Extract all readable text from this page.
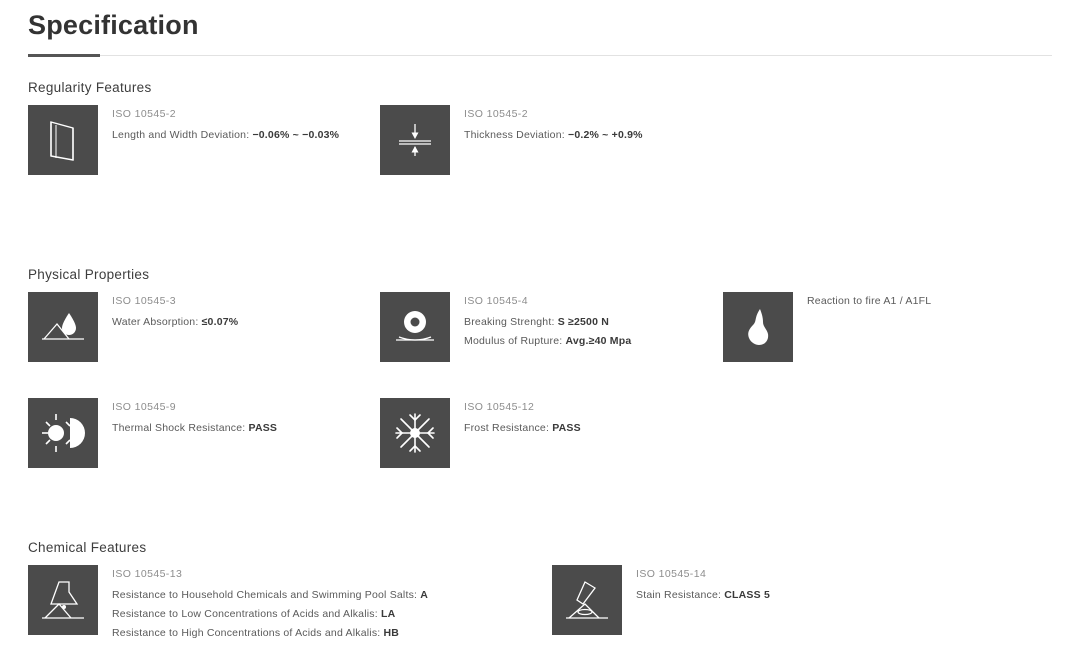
Specification
Regularity Features
ISO 10545-2
Length and Width Deviation: −0.06% ~ −0.03%
ISO 10545-2
Thickness Deviation: −0.2% ~ +0.9%
Physical Properties
ISO 10545-3
Water Absorption: ≤0.07%
ISO 10545-4
Breaking Strenght: S ≥2500 N
Modulus of Rupture: Avg.≥40 Mpa
Reaction to fire A1 / A1FL
ISO 10545-9
Thermal Shock Resistance: PASS
ISO 10545-12
Frost Resistance: PASS
Chemical Features
ISO 10545-13
Resistance to Household Chemicals and Swimming Pool Salts: A
Resistance to Low Concentrations of Acids and Alkalis: LA
Resistance to High Concentrations of Acids and Alkalis: HB
ISO 10545-14
Stain Resistance: CLASS 5
